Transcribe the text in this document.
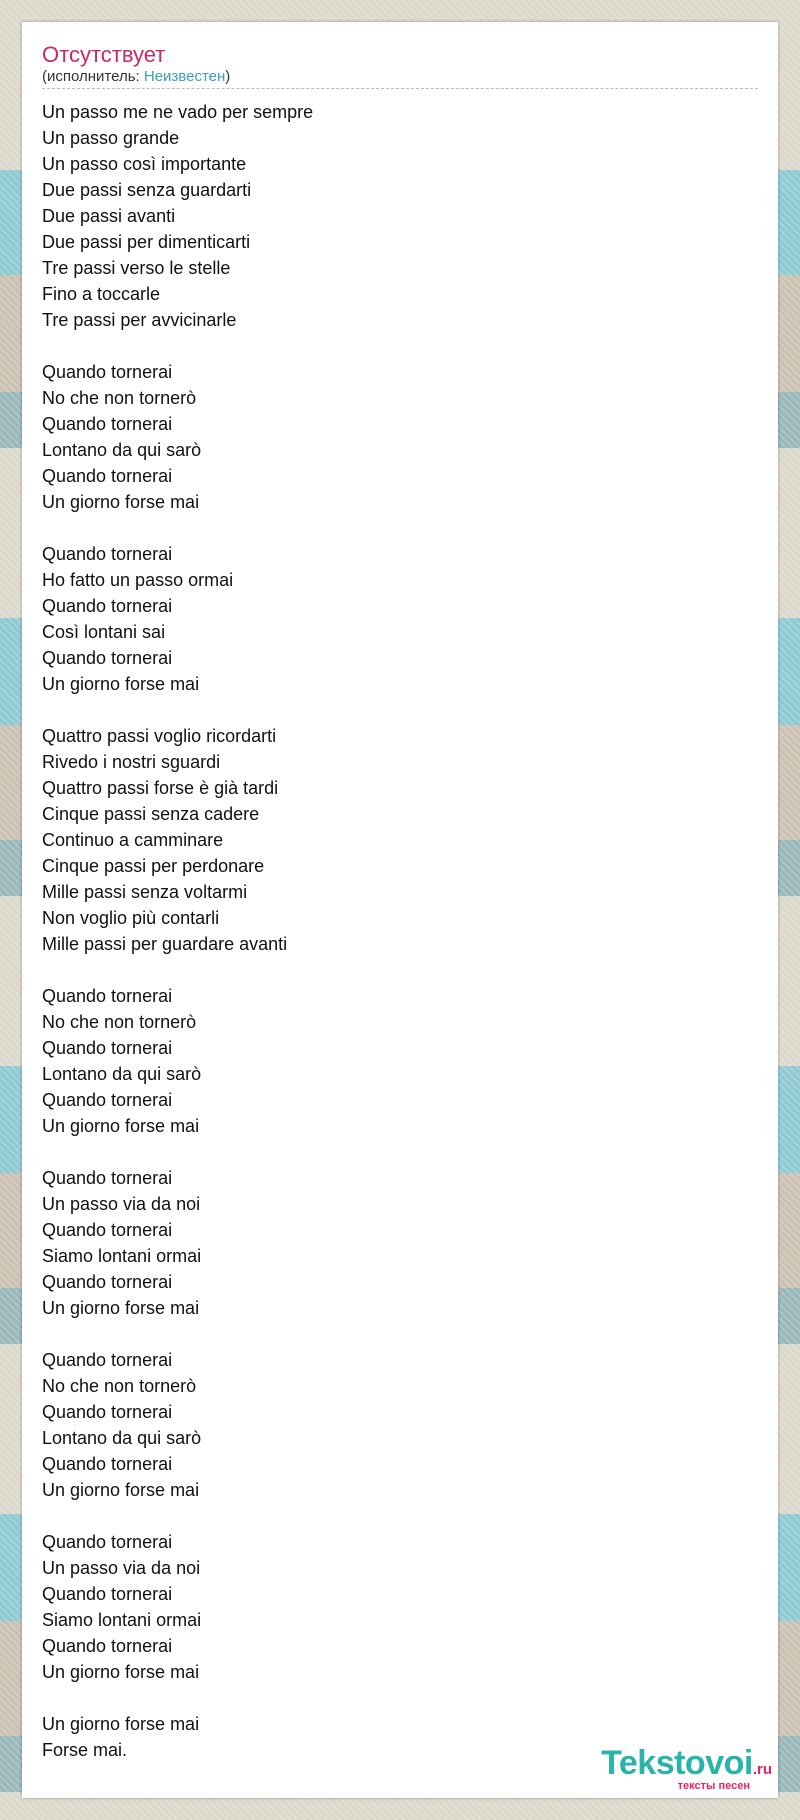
Отсутствует
(исполнитель: Неизвестен)
Un passo me ne vado per sempre
Un passo grande
Un passo così importante
Due passi senza guardarti
Due passi avanti
Due passi per dimenticarti
Tre passi verso le stelle
Fino a toccarle
Tre passi per avvicinarle
Quando tornerai
No che non tornerò
Quando tornerai
Lontano da qui sarò
Quando tornerai
Un giorno forse mai
Quando tornerai
Ho fatto un passo ormai
Quando tornerai
Così lontani sai
Quando tornerai
Un giorno forse mai
Quattro passi voglio ricordarti
Rivedo i nostri sguardi
Quattro passi forse è già tardi
Cinque passi senza cadere
Continuo a camminare
Cinque passi per perdonare
Mille passi senza voltarmi
Non voglio più contarli
Mille passi per guardare avanti
Quando tornerai
No che non tornerò
Quando tornerai
Lontano da qui sarò
Quando tornerai
Un giorno forse mai
Quando tornerai
Un passo via da noi
Quando tornerai
Siamo lontani ormai
Quando tornerai
Un giorno forse mai
Quando tornerai
No che non tornerò
Quando tornerai
Lontano da qui sarò
Quando tornerai
Un giorno forse mai
Quando tornerai
Un passo via da noi
Quando tornerai
Siamo lontani ormai
Quando tornerai
Un giorno forse mai
Un giorno forse mai
Forse mai.	Tekstovoi.ru
тексты песен
